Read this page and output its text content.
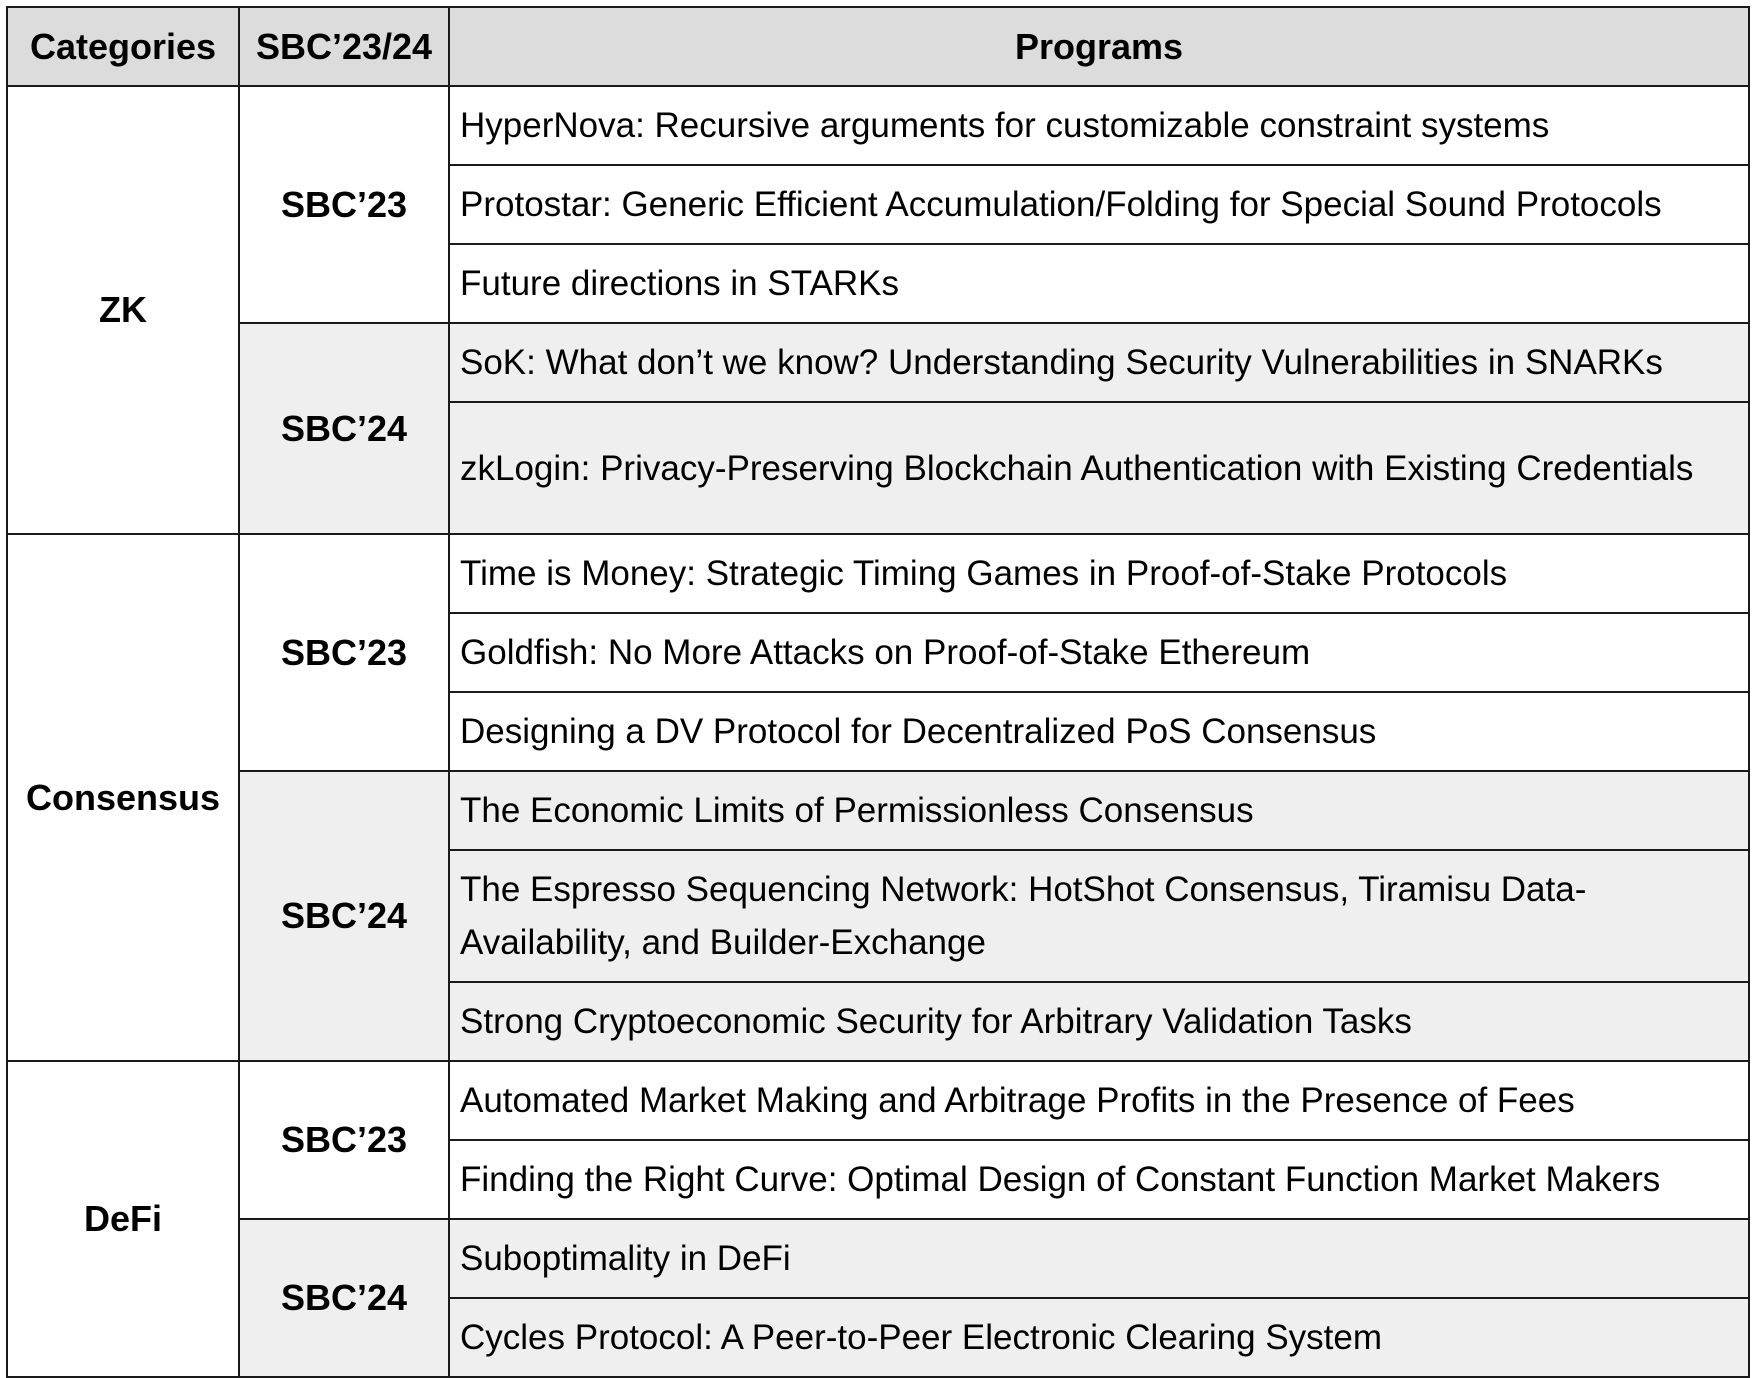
Categories	SBC’23/24	Programs
ZK	SBC’23	HyperNova: Recursive arguments for customizable constraint systems
		Protostar: Generic Efficient Accumulation/Folding for Special Sound Protocols
		Future directions in STARKs
	SBC’24	SoK: What don’t we know? Understanding Security Vulnerabilities in SNARKs
		zkLogin: Privacy-Preserving Blockchain Authentication with Existing Credentials
Consensus	SBC’23	Time is Money: Strategic Timing Games in Proof-of-Stake Protocols
		Goldfish: No More Attacks on Proof-of-Stake Ethereum
		Designing a DV Protocol for Decentralized PoS Consensus
	SBC’24	The Economic Limits of Permissionless Consensus
		The Espresso Sequencing Network: HotShot Consensus, Tiramisu Data-Availability, and Builder-Exchange
		Strong Cryptoeconomic Security for Arbitrary Validation Tasks
DeFi	SBC’23	Automated Market Making and Arbitrage Profits in the Presence of Fees
		Finding the Right Curve: Optimal Design of Constant Function Market Makers
	SBC’24	Suboptimality in DeFi
		Cycles Protocol: A Peer-to-Peer Electronic Clearing System
